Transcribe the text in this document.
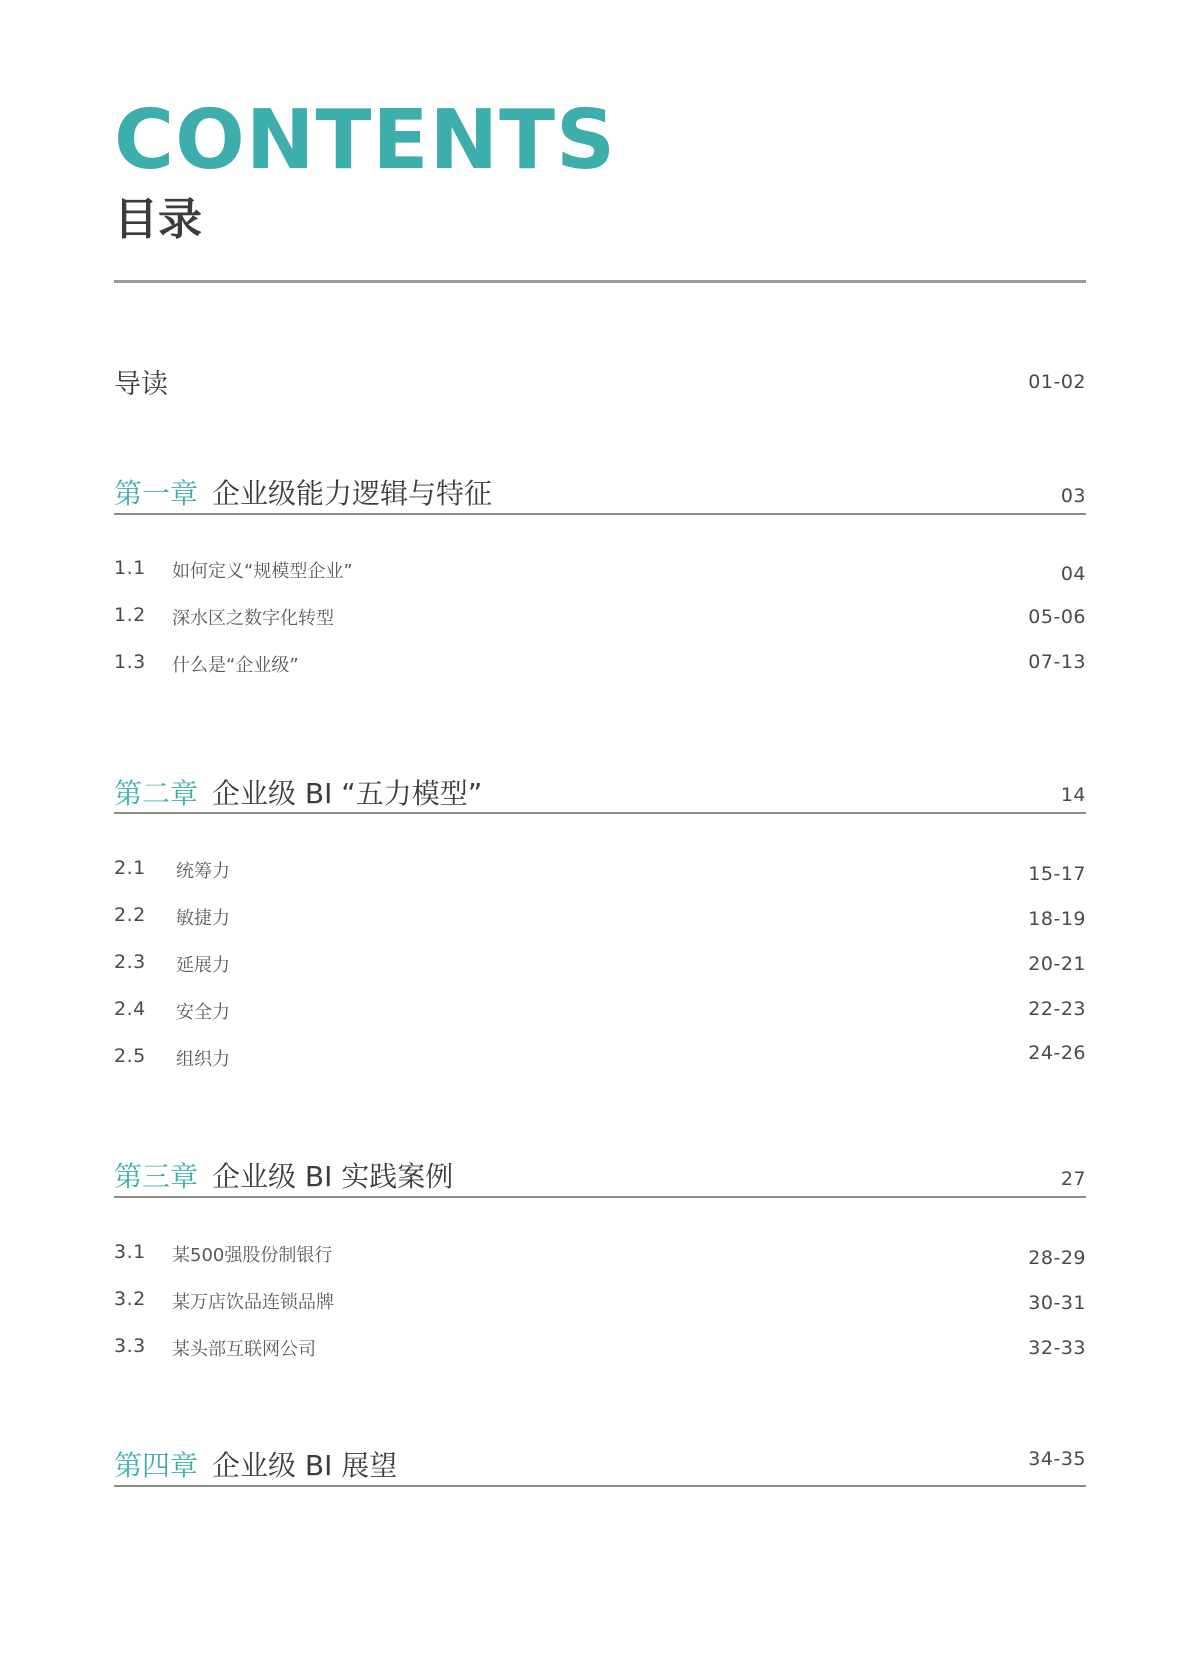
CONTENTS
目录
导读	01-02
第一章 企业级能力逻辑与特征	03
1.1 如何定义“规模型企业”	04
1.2 深水区之数字化转型	05-06
1.3 什么是“企业级”	07-13
第二章 企业级 BI “五力模型”	14
2.1 统筹力	15-17
2.2 敏捷力	18-19
2.3 延展力	20-21
2.4 安全力	22-23
2.5 组织力	24-26
第三章 企业级 BI 实践案例	27
3.1 某500强股份制银行	28-29
3.2 某万店饮品连锁品牌	30-31
3.3 某头部互联网公司	32-33
第四章 企业级 BI 展望	34-35
